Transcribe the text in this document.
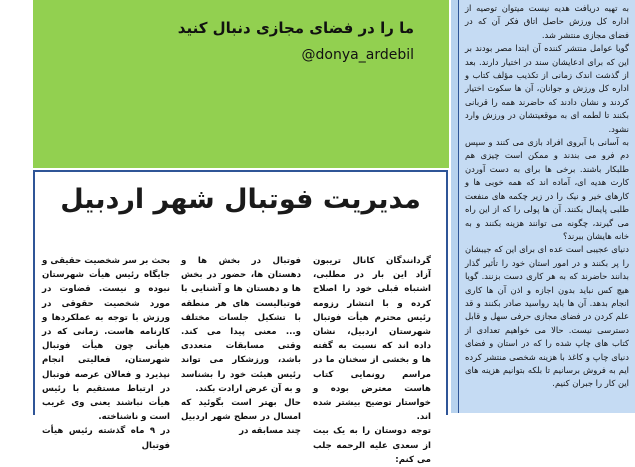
ما را در فضای مجازی دنبال کنید
@donya_ardebil

به تهیه دریافت هدیه نیست میتوان توصیه از اداره کل ورزش حاصل اتاق فکر آن که در فضای مجازی منتشر شد.

گویا عوامل منتشر کننده آن ابتدا مصر بودند بر این که برای ادعایشان سند در اختیار دارند. بعد از گذشت اندک زمانی از تکذیب مؤلف کتاب و اداره کل ورزش و جوانان، آن ها سکوت اختیار کردند و نشان دادند که حاضرند همه را قربانی بکنند تا لطمه ای به موقعیتشان در ورزش وارد نشود.

به آسانی با آبروی افراد بازی می کنند و سپس دم فرو می بندند و ممکن است چیزی هم طلبکار باشند. برخی ها برای به دست آوردن کارت هدیه ای، آماده اند که همه خوبی ها و کارهای خیر و نیک را در زیر چکمه های منفعت طلبی پایمال بکنند. آن ها پولی را که از این راه می گیرند، چگونه می توانند هزینه بکنند و به خانه هایشان ببرند؟

دنیای عجیبی است عده ای برای این که جیبشان را پر بکنند و در امور استان خود را تأثیر گذار بدانند حاضرند که به هر کاری دست بزنند. گویا هیچ کس نباید بدون اجازه و اذن آن ها کاری انجام بدهد. آن ها باید رواسید صادر بکنند و قد علم کردن در فضای مجازی حرفی سهل و قابل دسترسی نیست. حالا می خواهیم تعدادی از کتاب های چاپ شده را که در استان و فضای دنیای چاپ و کاغذ با هزینه شخصی منتشر کرده ایم به فروش برسانیم تا بلکه بتوانیم هزینه های این کار را جبران کنیم.

مدیریت فوتبال شهر اردبیل

گردانندگان کانال تریبون آزاد این بار در مطلبی، اشتباه قبلی خود را اصلاح کرده و با انتشار رزومه رئیس محترم هیأت فوتبال شهرستان اردبیل، نشان داده اند که نسبت به گفته ها و بخشی از سخنان ما در مراسم رونمایی کتاب هاست معترض بوده و خواستار توضیح بیشتر شده اند.

توجه دوستان را به یک بیت از سعدی علیه الرحمه جلب می کنم:

فوتبال در بخش ها و دهستان ها، حضور در بخش ها و دهستان ها و آشنایی با فوتبالیست های هر منطقه با تشکیل جلسات مختلف و... معنی پیدا می کند. وقتی مسابقات متعددی باشد، ورزشکار می تواند رئیس هیئت خود را بشناسد و به آن عرض ارادت بکند.

حال بهتر است بگوئید که امسال در سطح شهر اردبیل چند مسابقه در

بحث بر سر شخصیت حقیقی و جایگاه رئیس هیأت شهرستان نبوده و نیست. قضاوت در مورد شخصیت حقوقی در ورزش با توجه به عملکردها و کارنامه هاست. زمانی که در هیأتی چون هیأت فوتبال شهرستان، فعالیتی انجام نپذیرد و فعالان عرصه فوتبال در ارتباط مستقیم با رئیس هیأت نباشند یعنی وی غریب است و ناشناخته.

در ۹ ماه گذشته رئیس هیأت فوتبال
